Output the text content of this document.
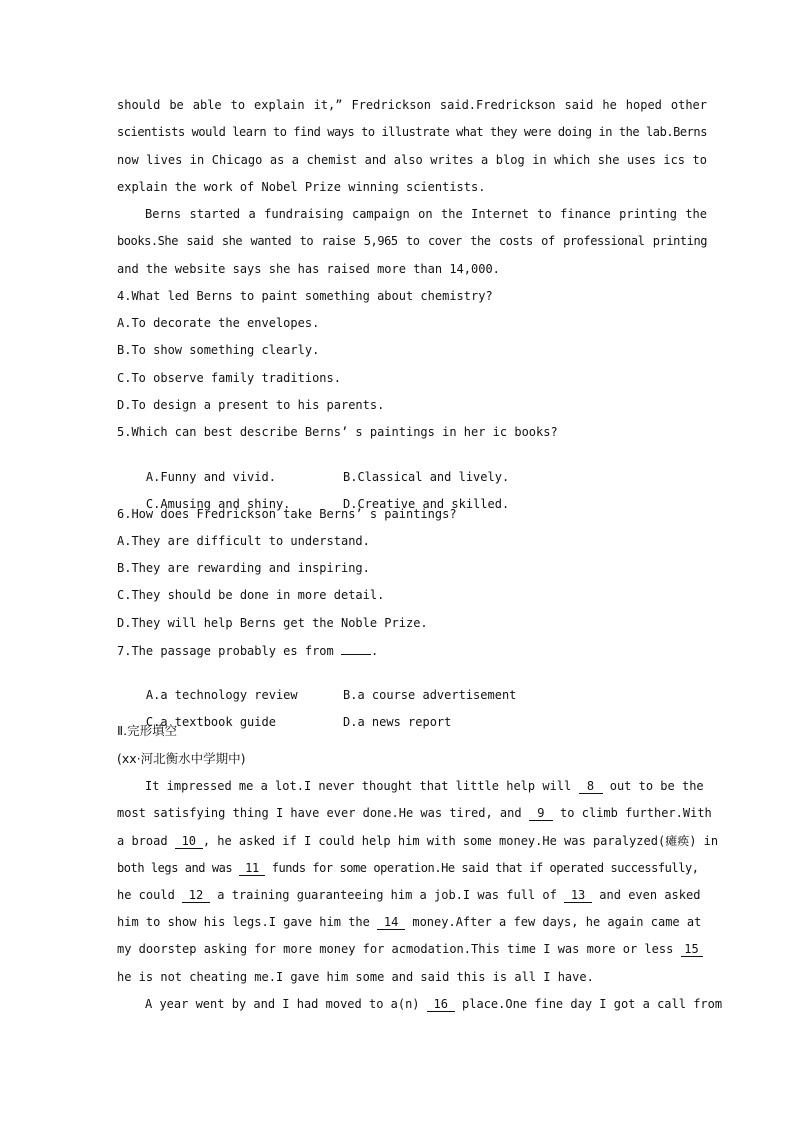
should be able to explain it,” Fredrickson said.Fredrickson said he hoped other
scientists would learn to find ways to illustrate what they were doing in the lab.Berns
now lives in Chicago as a chemist and also writes a blog in which she uses ics to
explain the work of Nobel Prize winning scientists.
Berns started a fundraising campaign on the Internet to finance printing the
books.She said she wanted to raise 5,965 to cover the costs of professional printing
and the website says she has raised more than 14,000.
4.What led Berns to paint something about chemistry?
A.To decorate the envelopes.
B.To show something clearly.
C.To observe family traditions.
D.To design a present to his parents.
5.Which can best describe Berns’ s paintings in her ic books?

A.Funny and vivid.	B.Classical and lively.

C.Amusing and shiny.	D.Creative and skilled.

6.How does Fredrickson take Berns’ s paintings?
A.They are difficult to understand.
B.They are rewarding and inspiring.
C.They should be done in more detail.
D.They will help Berns get the Noble Prize.
7.The passage probably es from	.

A.a technology review	B.a course advertisement

C.a textbook guide	D.a news report

Ⅱ.完形填空
(xx·河北衡水中学期中)
It impressed me a lot.I never thought that little help will 8 out to be the
most satisfying thing I have ever done.He was tired, and 9 to climb further.With
a broad 10 , he asked if I could help him with some money.He was paralyzed(瘫痪) in
both legs and was 11 funds for some operation.He said that if operated successfully,
he could 12 a training guaranteeing him a job.I was full of 13 and even asked
him to show his legs.I gave him the 14 money.After a few days, he again came at
my doorstep asking for more money for acmodation.This time I was more or less 15
he is not cheating me.I gave him some and said this is all I have.
A year went by and I had moved to a(n) 16 place.One fine day I got a call from
